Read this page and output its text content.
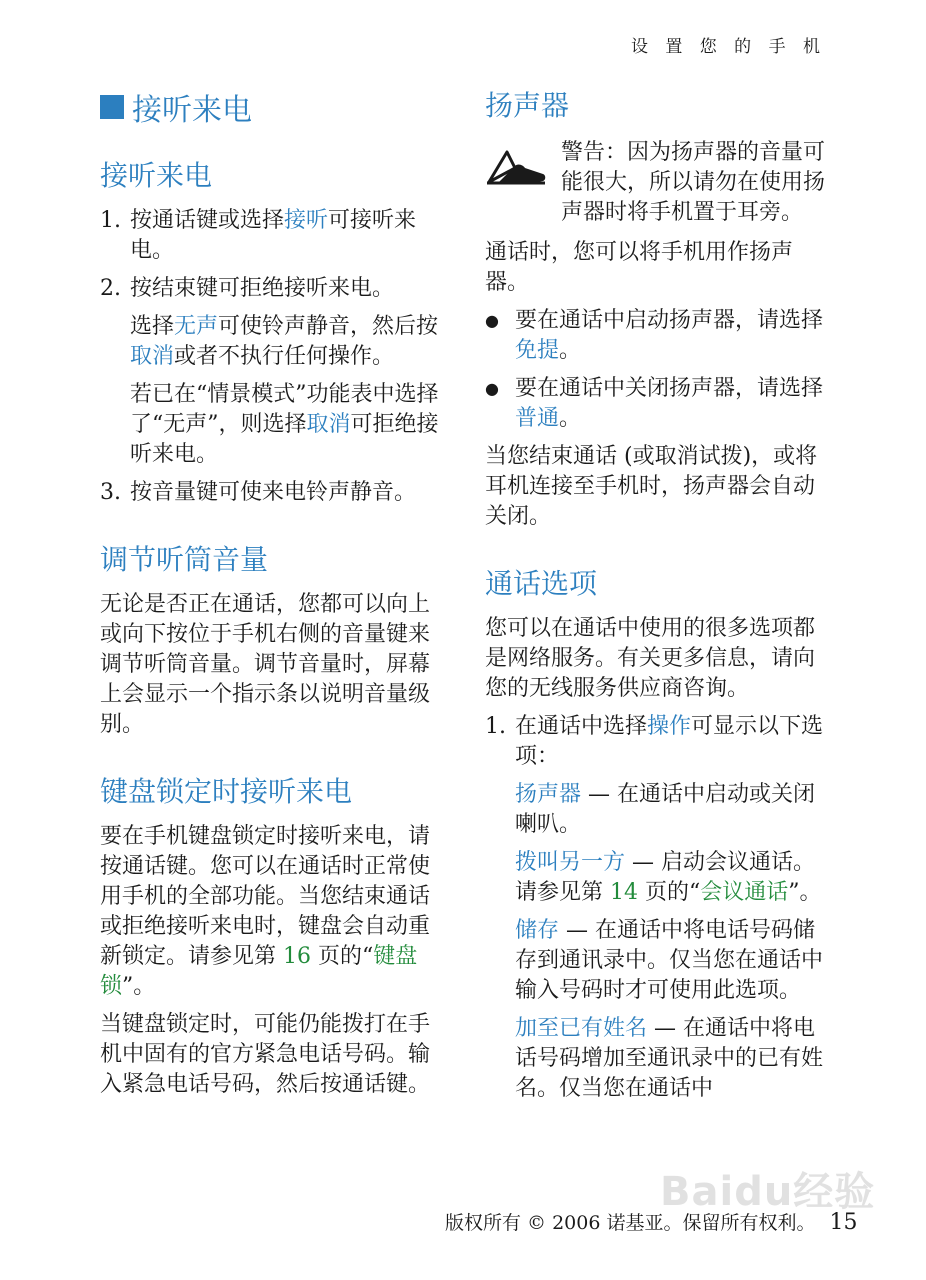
设 置 您 的 手 机
接听来电
接听来电
1. 按通话键或选择接听可接听来电。
2. 按结束键可拒绝接听来电。

选择无声可使铃声静音，然后按取消或者不执行任何操作。

若已在“情景模式”功能表中选择了“无声”，则选择取消可拒绝接听来电。

3. 按音量键可使来电铃声静音。
调节听筒音量

无论是否正在通话，您都可以向上或向下按位于手机右侧的音量键来调节听筒音量。调节音量时，屏幕上会显示一个指示条以说明音量级别。

键盘锁定时接听来电

要在手机键盘锁定时接听来电，请按通话键。您可以在通话时正常使用手机的全部功能。当您结束通话或拒绝接听来电时，键盘会自动重新锁定。请参见第 16 页的“键盘锁”。

当键盘锁定时，可能仍能拨打在手机中固有的官方紧急电话号码。输入紧急电话号码，然后按通话键。

扬声器
警告：因为扬声器的音量可能很大，所以请勿在使用扬声器时将手机置于耳旁。

通话时，您可以将手机用作扬声器。

● 要在通话中启动扬声器，请选择免提。
● 要在通话中关闭扬声器，请选择普通。

当您结束通话 (或取消试拨)，或将耳机连接至手机时，扬声器会自动关闭。

通话选项

您可以在通话中使用的很多选项都是网络服务。有关更多信息，请向您的无线服务供应商咨询。

1. 在通话中选择操作可显示以下选项：

扬声器 — 在通话中启动或关闭喇叭。

拨叫另一方 — 启动会议通话。请参见第 14 页的“会议通话”。

储存 — 在通话中将电话号码储存到通讯录中。仅当您在通话中输入号码时才可使用此选项。

加至已有姓名 — 在通话中将电话号码增加至通讯录中的已有姓名。仅当您在通话中

Baidu经验
版权所有 © 2006 诺基亚。保留所有权利。 15
